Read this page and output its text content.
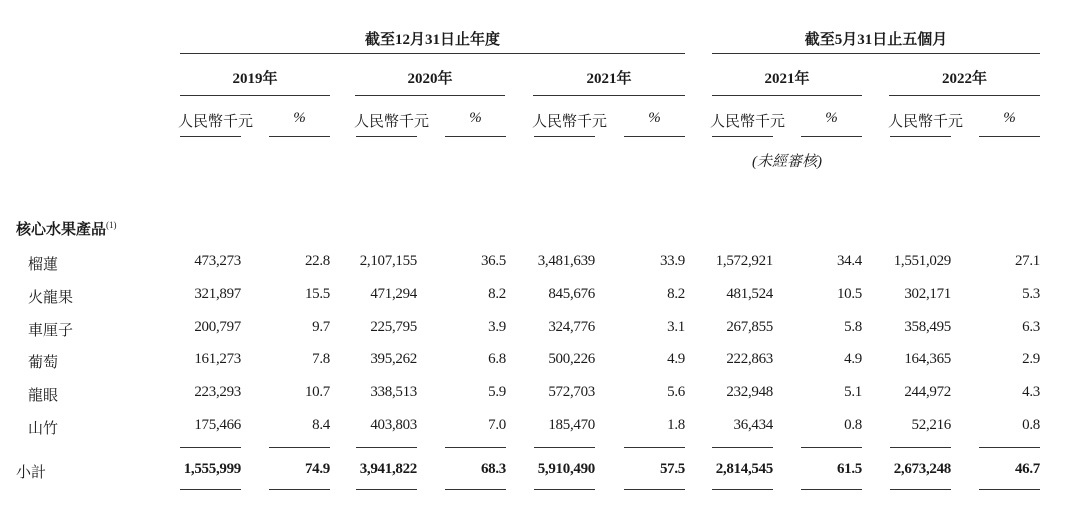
截至12月31日止年度	截至5月31日止五個月
2019年	2020年	2021年	2021年	2022年
人民幣千元	%	人民幣千元	%	人民幣千元	%	人民幣千元	%	人民幣千元	%
(未經審核)
核心水果產品$^{(1)}$
榴蓮	473,273	22.8	2,107,155	36.5	3,481,639	33.9	1,572,921	34.4	1,551,029	27.1
火龍果	321,897	15.5	471,294	8.2	845,676	8.2	481,524	10.5	302,171	5.3
車厘子	200,797	9.7	225,795	3.9	324,776	3.1	267,855	5.8	358,495	6.3
葡萄	161,273	7.8	395,262	6.8	500,226	4.9	222,863	4.9	164,365	2.9
龍眼	223,293	10.7	338,513	5.9	572,703	5.6	232,948	5.1	244,972	4.3
山竹	175,466	8.4	403,803	7.0	185,470	1.8	36,434	0.8	52,216	0.8
小計	1,555,999	74.9	3,941,822	68.3	5,910,490	57.5	2,814,545	61.5	2,673,248	46.7
